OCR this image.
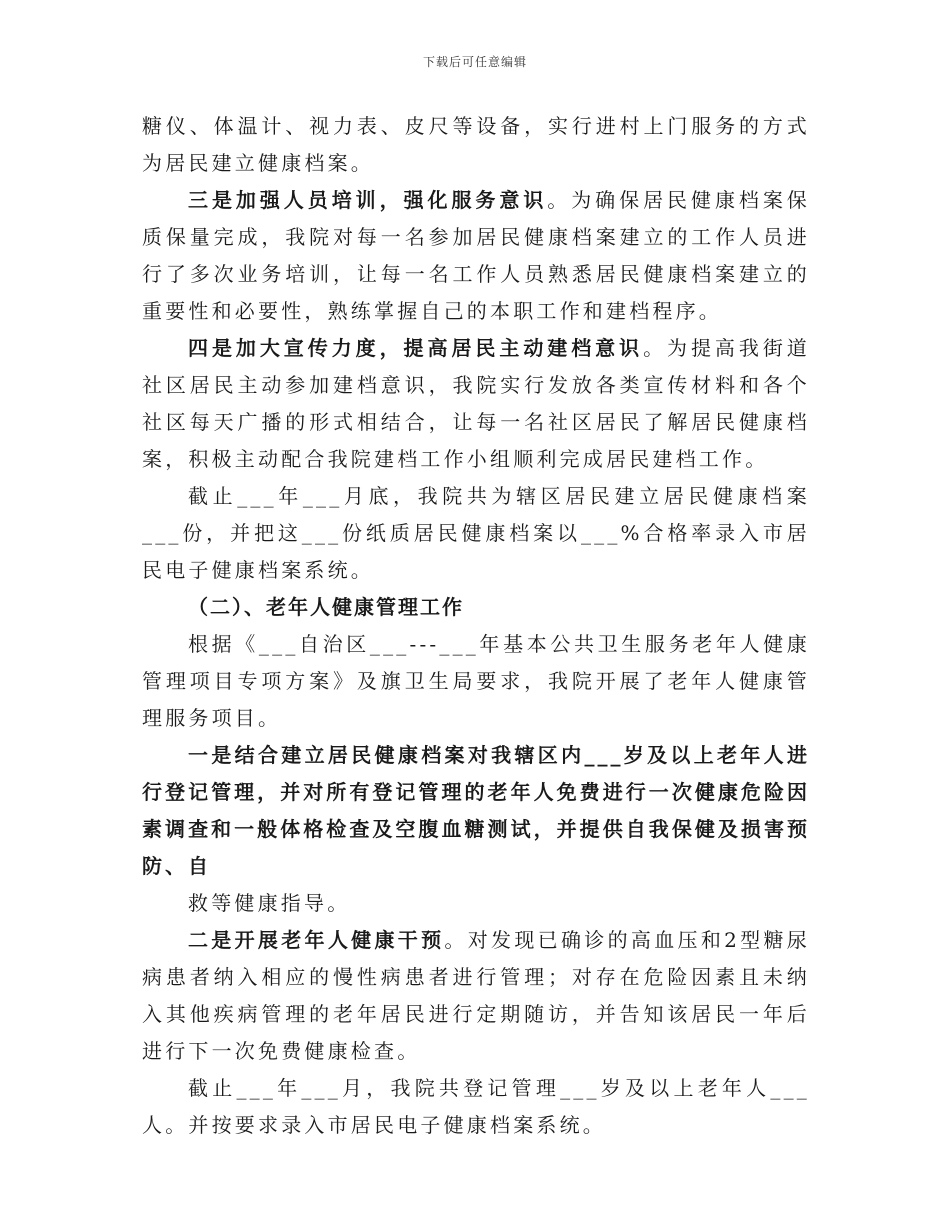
下载后可任意编辑

糖仪、体温计、视力表、皮尺等设备，实行进村上门服务的方式为居民建立健康档案。

三是加强人员培训，强化服务意识。为确保居民健康档案保质保量完成，我院对每一名参加居民健康档案建立的工作人员进行了多次业务培训，让每一名工作人员熟悉居民健康档案建立的重要性和必要性，熟练掌握自己的本职工作和建档程序。

四是加大宣传力度，提高居民主动建档意识。为提高我街道社区居民主动参加建档意识，我院实行发放各类宣传材料和各个社区每天广播的形式相结合，让每一名社区居民了解居民健康档案，积极主动配合我院建档工作小组顺利完成居民建档工作。

截止___年___月底，我院共为辖区居民建立居民健康档案___份，并把这___份纸质居民健康档案以___%合格率录入市居民电子健康档案系统。

（二）、老年人健康管理工作

根据《___自治区___---___年基本公共卫生服务老年人健康管理项目专项方案》及旗卫生局要求，我院开展了老年人健康管理服务项目。

一是结合建立居民健康档案对我辖区内___岁及以上老年人进行登记管理，并对所有登记管理的老年人免费进行一次健康危险因素调查和一般体格检查及空腹血糖测试，并提供自我保健及损害预防、自

救等健康指导。

二是开展老年人健康干预。对发现已确诊的高血压和2型糖尿病患者纳入相应的慢性病患者进行管理；对存在危险因素且未纳入其他疾病管理的老年居民进行定期随访，并告知该居民一年后进行下一次免费健康检查。

截止___年___月，我院共登记管理___岁及以上老年人___人。并按要求录入市居民电子健康档案系统。
